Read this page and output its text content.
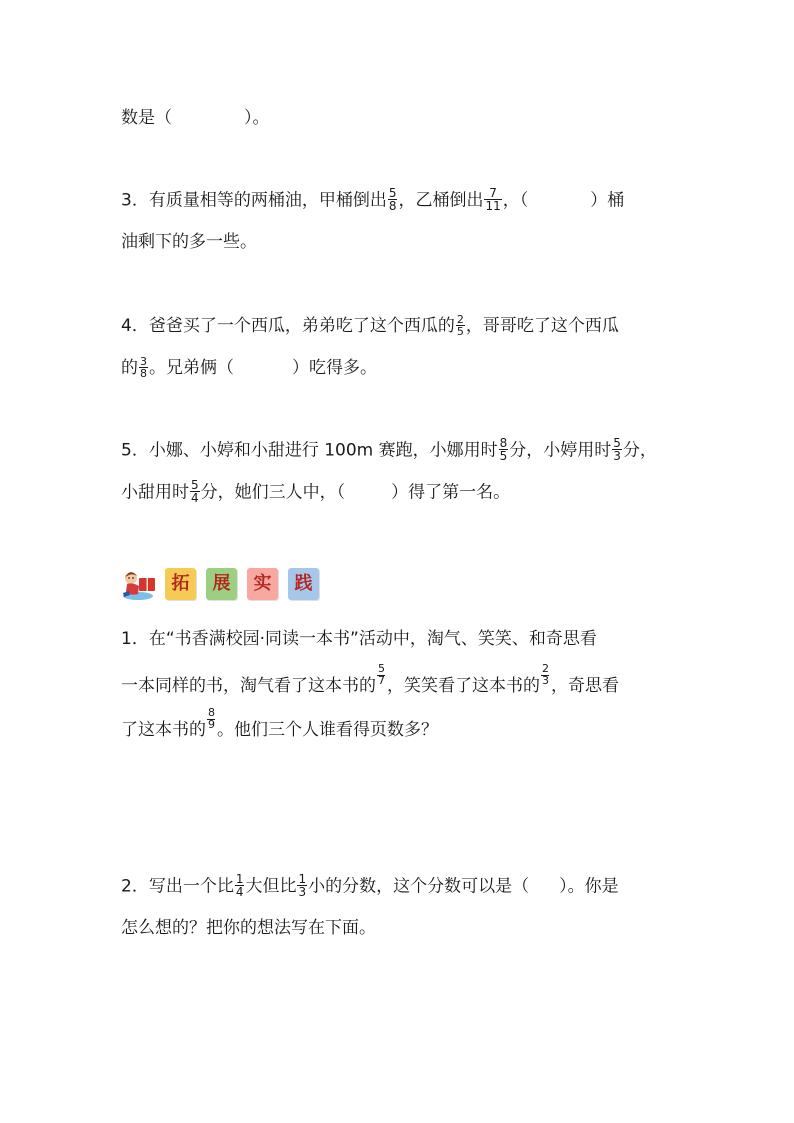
数是（	）。
3．有质量相等的两桶油，甲桶倒出 $\frac{5}{8}$ ，乙桶倒出 $\frac{7}{11}$ ，（	）桶
油剩下的多一些。
4．爸爸买了一个西瓜，弟弟吃了这个西瓜的 $\frac{2}{5}$ ，哥哥吃了这个西瓜
的 $\frac{3}{8}$ 。兄弟俩（	）吃得多。
5．小娜、小婷和小甜进行 100m 赛跑，小娜用时 $\frac{8}{5}$ 分，小婷用时 $\frac{5}{3}$ 分，
小甜用时 $\frac{5}{4}$ 分，她们三人中，（	）得了第一名。
拓	展	实	践
1．在“书香满校园·同读一本书”活动中，淘气、笑笑、和奇思看
一本同样的书，淘气看了这本书的 $\frac{5}{7}$ ，笑笑看了这本书的 $\frac{2}{3}$ ，奇思看
了这本书的 $\frac{8}{9}$ 。他们三个人谁看得页数多？
2．写出一个比 $\frac{1}{4}$ 大但比 $\frac{1}{3}$ 小的分数，这个分数可以是（ ）。你是
怎么想的？把你的想法写在下面。
